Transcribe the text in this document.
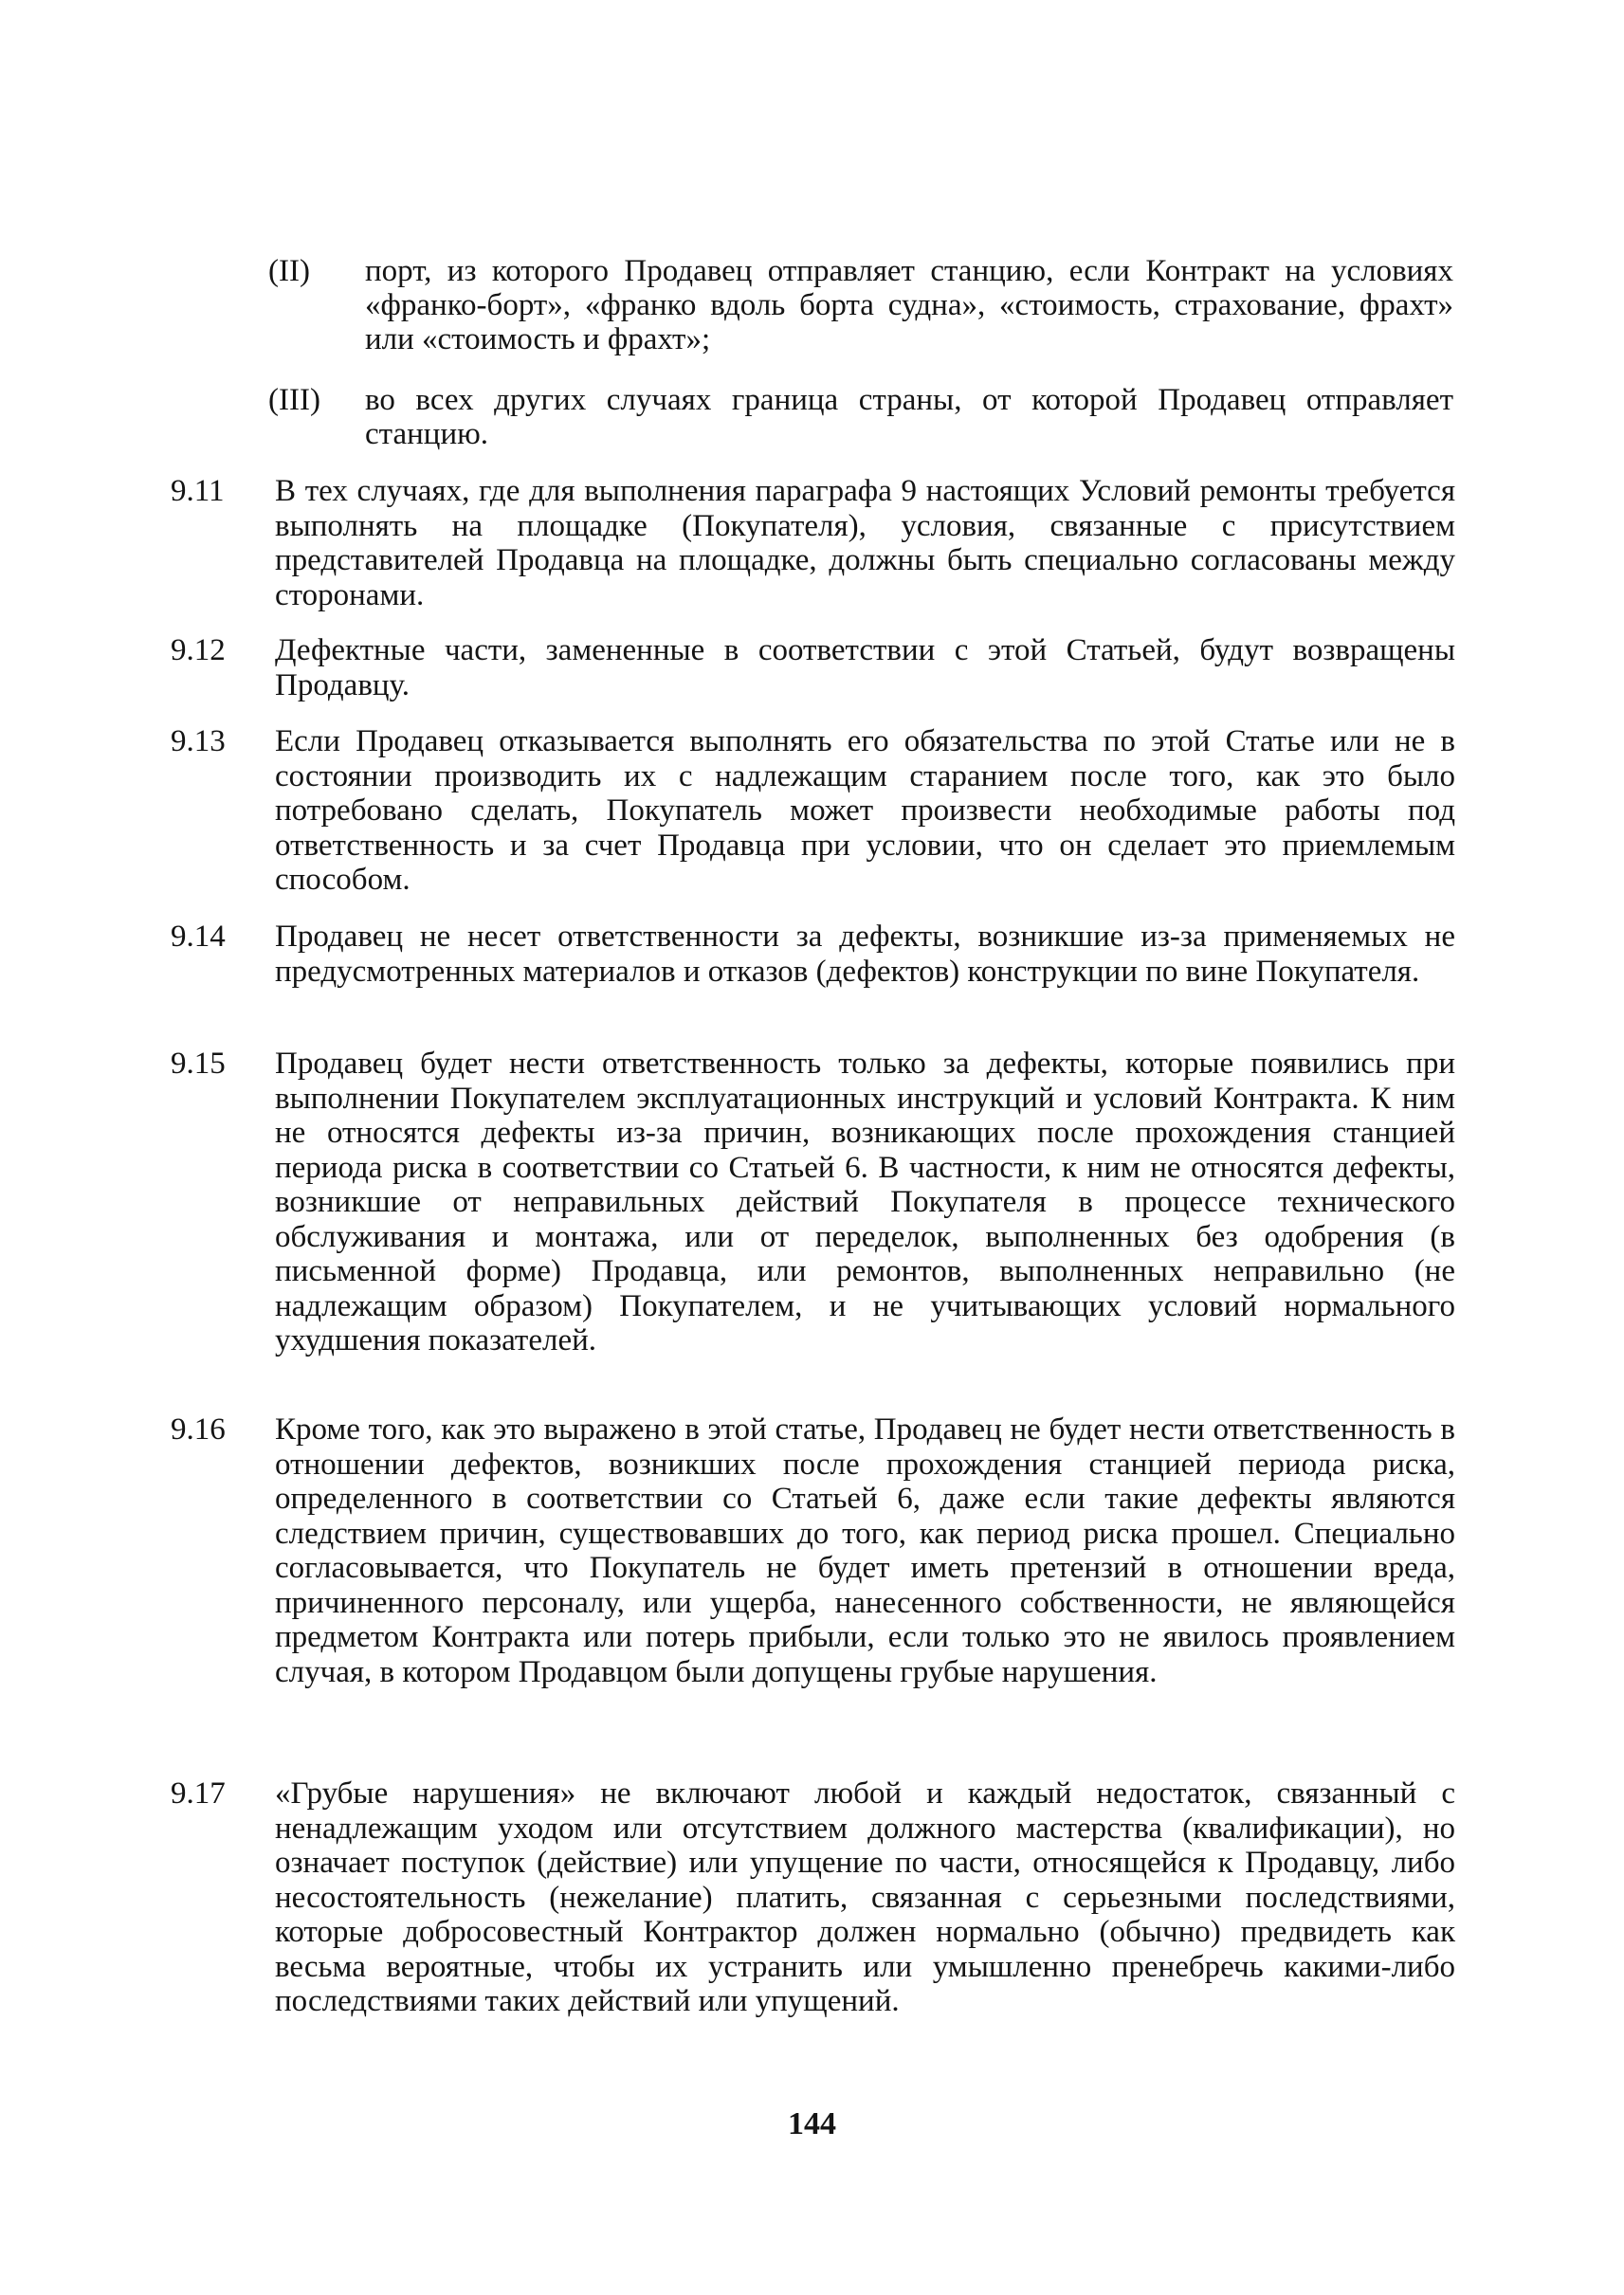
(II) порт, из которого Продавец отправляет станцию, если Контракт на условиях «франко-борт», «франко вдоль борта судна», «стоимость, страхование, фрахт» или «стоимость и фрахт»;
(III) во всех других случаях граница страны, от которой Продавец отправляет станцию.
9.11 В тех случаях, где для выполнения параграфа 9 настоящих Условий ремонты требуется выполнять на площадке (Покупателя), условия, связанные с присутствием представителей Продавца на площадке, должны быть специально согласованы между сторонами.
9.12 Дефектные части, замененные в соответствии с этой Статьей, будут возвращены Продавцу.
9.13 Если Продавец отказывается выполнять его обязательства по этой Статье или не в состоянии производить их с надлежащим старанием после того, как это было потребовано сделать, Покупатель может произвести необходимые работы под ответственность и за счет Продавца при условии, что он сделает это приемлемым способом.
9.14 Продавец не несет ответственности за дефекты, возникшие из-за применяемых не предусмотренных материалов и отказов (дефектов) конструкции по вине Покупателя.
9.15 Продавец будет нести ответственность только за дефекты, которые появились при выполнении Покупателем эксплуатационных инструкций и условий Контракта. К ним не относятся дефекты из-за причин, возникающих после прохождения станцией периода риска в соответствии со Статьей 6. В частности, к ним не относятся дефекты, возникшие от неправильных действий Покупателя в процессе технического обслуживания и монтажа, или от переделок, выполненных без одобрения (в письменной форме) Продавца, или ремонтов, выполненных неправильно (не надлежащим образом) Покупателем, и не учитывающих условий нормального ухудшения показателей.
9.16 Кроме того, как это выражено в этой статье, Продавец не будет нести ответственность в отношении дефектов, возникших после прохождения станцией периода риска, определенного в соответствии со Статьей 6, даже если такие дефекты являются следствием причин, существовавших до того, как период риска прошел. Специально согласовывается, что Покупатель не будет иметь претензий в отношении вреда, причиненного персоналу, или ущерба, нанесенного собственности, не являющейся предметом Контракта или потерь прибыли, если только это не явилось проявлением случая, в котором Продавцом были допущены грубые нарушения.
9.17 «Грубые нарушения» не включают любой и каждый недостаток, связанный с ненадлежащим уходом или отсутствием должного мастерства (квалификации), но означает поступок (действие) или упущение по части, относящейся к Продавцу, либо несостоятельность (нежелание) платить, связанная с серьезными последствиями, которые добросовестный Контрактор должен нормально (обычно) предвидеть как весьма вероятные, чтобы их устранить или умышленно пренебречь какими-либо последствиями таких действий или упущений.
144
